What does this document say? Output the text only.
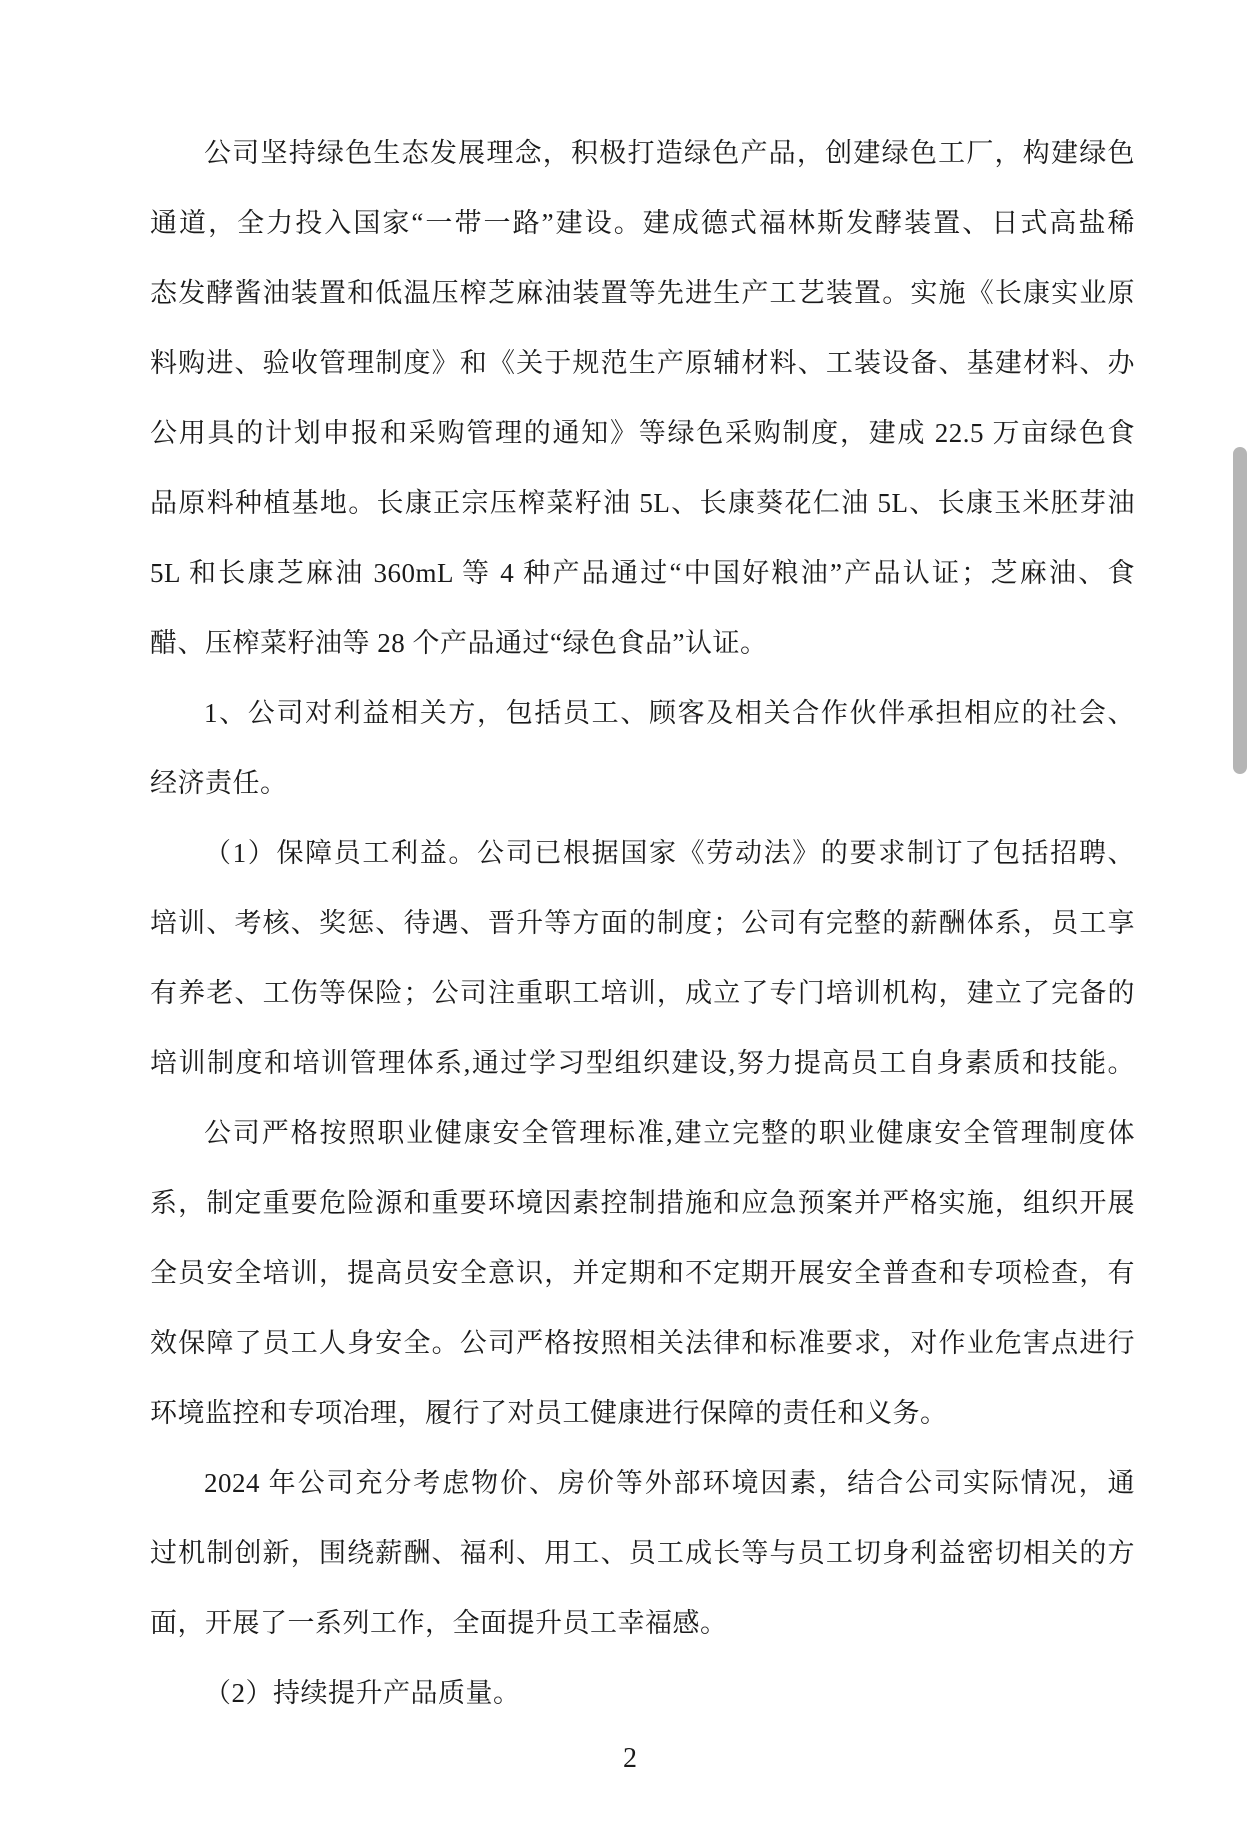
公司坚持绿色生态发展理念，积极打造绿色产品，创建绿色工厂，构建绿色
通道，全力投入国家“一带一路”建设。建成德式福林斯发酵装置、日式高盐稀
态发酵酱油装置和低温压榨芝麻油装置等先进生产工艺装置。实施《长康实业原
料购进、验收管理制度》和《关于规范生产原辅材料、工装设备、基建材料、办
公用具的计划申报和采购管理的通知》等绿色采购制度，建成 22.5 万亩绿色食
品原料种植基地。长康正宗压榨菜籽油 5L、长康葵花仁油 5L、长康玉米胚芽油
5L 和长康芝麻油 360mL 等 4 种产品通过“中国好粮油”产品认证；芝麻油、食
醋、压榨菜籽油等 28 个产品通过“绿色食品”认证。
1、公司对利益相关方，包括员工、顾客及相关合作伙伴承担相应的社会、
经济责任。
（1）保障员工利益。公司已根据国家《劳动法》的要求制订了包括招聘、
培训、考核、奖惩、待遇、晋升等方面的制度；公司有完整的薪酬体系，员工享
有养老、工伤等保险；公司注重职工培训，成立了专门培训机构，建立了完备的
培训制度和培训管理体系,通过学习型组织建设,努力提高员工自身素质和技能。
公司严格按照职业健康安全管理标准,建立完整的职业健康安全管理制度体
系，制定重要危险源和重要环境因素控制措施和应急预案并严格实施，组织开展
全员安全培训，提高员安全意识，并定期和不定期开展安全普查和专项检查，有
效保障了员工人身安全。公司严格按照相关法律和标准要求，对作业危害点进行
环境监控和专项冶理，履行了对员工健康进行保障的责任和义务。
2024 年公司充分考虑物价、房价等外部环境因素，结合公司实际情况，通
过机制创新，围绕薪酬、福利、用工、员工成长等与员工切身利益密切相关的方
面，开展了一系列工作，全面提升员工幸福感。
（2）持续提升产品质量。
2
